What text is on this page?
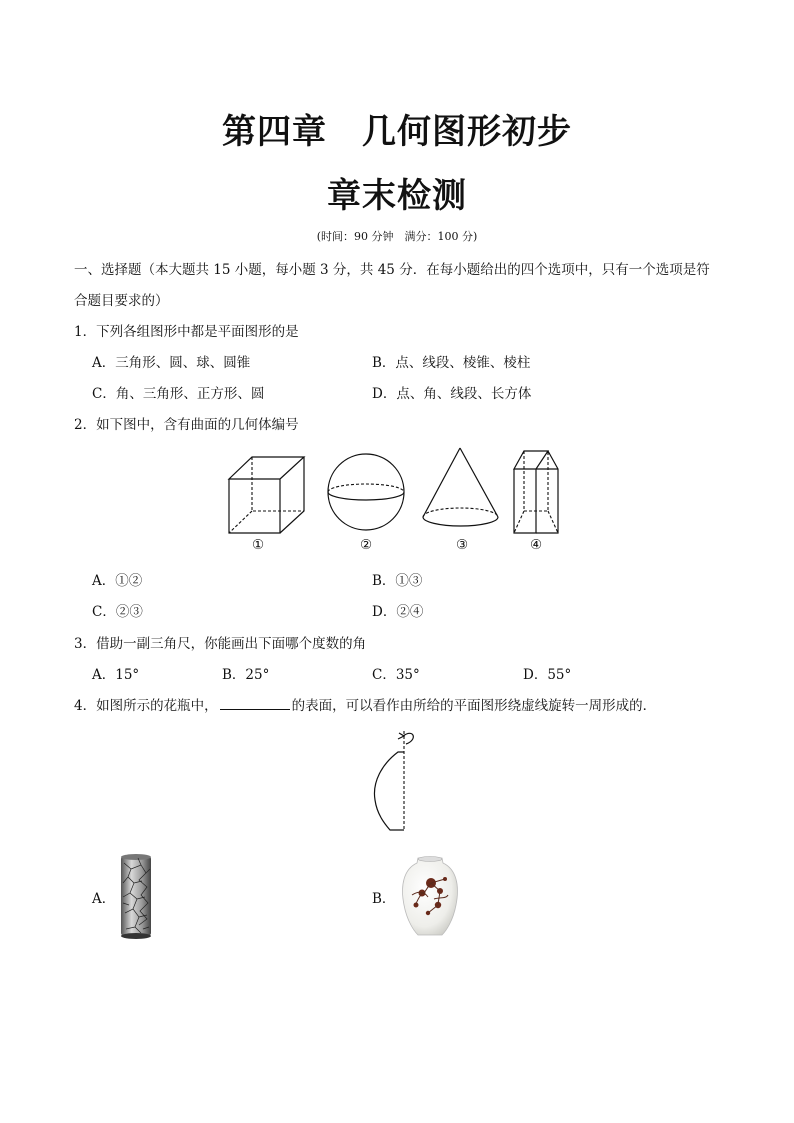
第四章　几何图形初步
章末检测
(时间：90 分钟　满分：100 分)
一、选择题（本大题共 15 小题，每小题 3 分，共 45 分．在每小题给出的四个选项中，只有一个选项是符
合题目要求的）
1．下列各组图形中都是平面图形的是
A．三角形、圆、球、圆锥	B．点、线段、棱锥、棱柱
C．角、三角形、正方形、圆	D．点、角、线段、长方体
2．如下图中，含有曲面的几何体编号
①	②	③	④
A．①②	B．①③
C．②③	D．②④
3．借助一副三角尺，你能画出下面哪个度数的角
A．15°	B．25°	C．35°	D．55°
4．如图所示的花瓶中，	的表面，可以看作由所给的平面图形绕虚线旋转一周形成的．
A．	B．
